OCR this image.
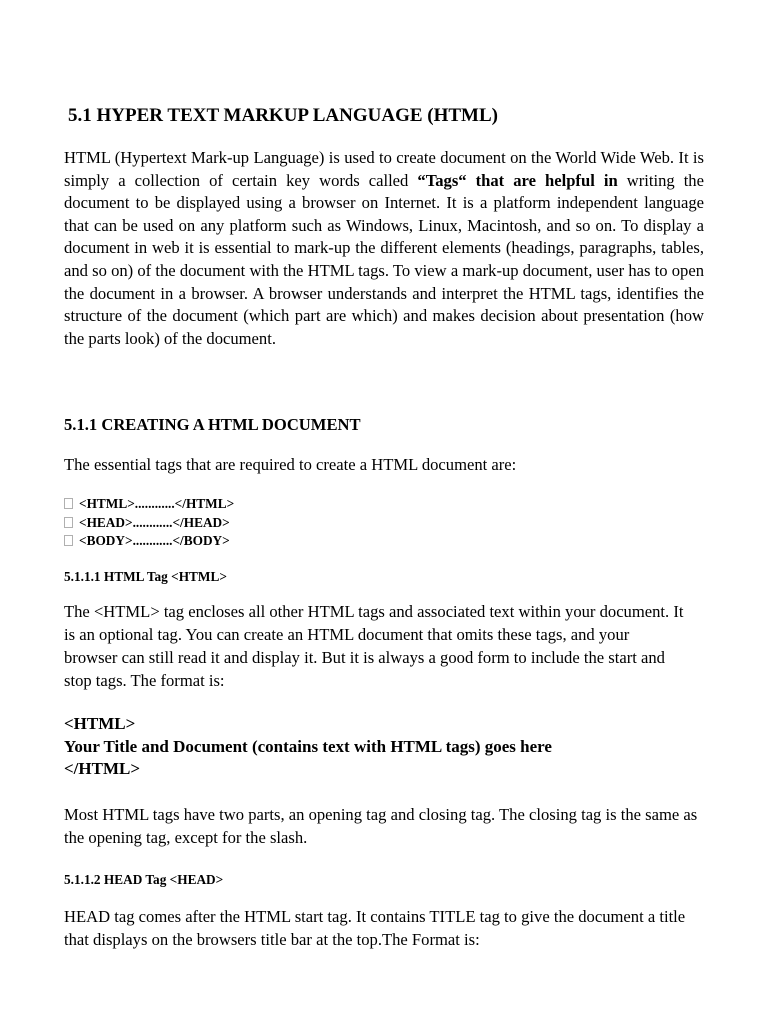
5.1 HYPER TEXT MARKUP LANGUAGE (HTML)

HTML (Hypertext Mark-up Language) is used to create document on the World Wide Web. It is simply a collection of certain key words called “Tags“ that are helpful in writing the document to be displayed using a browser on Internet. It is a platform independent language that can be used on any platform such as Windows, Linux, Macintosh, and so on. To display a document in web it is essential to mark-up the different elements (headings, paragraphs, tables, and so on) of the document with the HTML tags. To view a mark-up document, user has to open the document in a browser. A browser understands and interpret the HTML tags, identifies the structure of the document (which part are which) and makes decision about presentation (how the parts look) of the document.

5.1.1 CREATING A HTML DOCUMENT

The essential tags that are required to create a HTML document are:

<HTML>............</HTML>
<HEAD>............</HEAD>
<BODY>............</BODY>
5.1.1.1 HTML Tag <HTML>

The <HTML> tag encloses all other HTML tags and associated text within your document. It is an optional tag. You can create an HTML document that omits these tags, and your browser can still read it and display it. But it is always a good form to include the start and stop tags. The format is:

<HTML>
Your Title and Document (contains text with HTML tags) goes here
</HTML>

Most HTML tags have two parts, an opening tag and closing tag. The closing tag is the same as the opening tag, except for the slash.

5.1.1.2 HEAD Tag <HEAD>

HEAD tag comes after the HTML start tag. It contains TITLE tag to give the document a title that displays on the browsers title bar at the top.The Format is:
